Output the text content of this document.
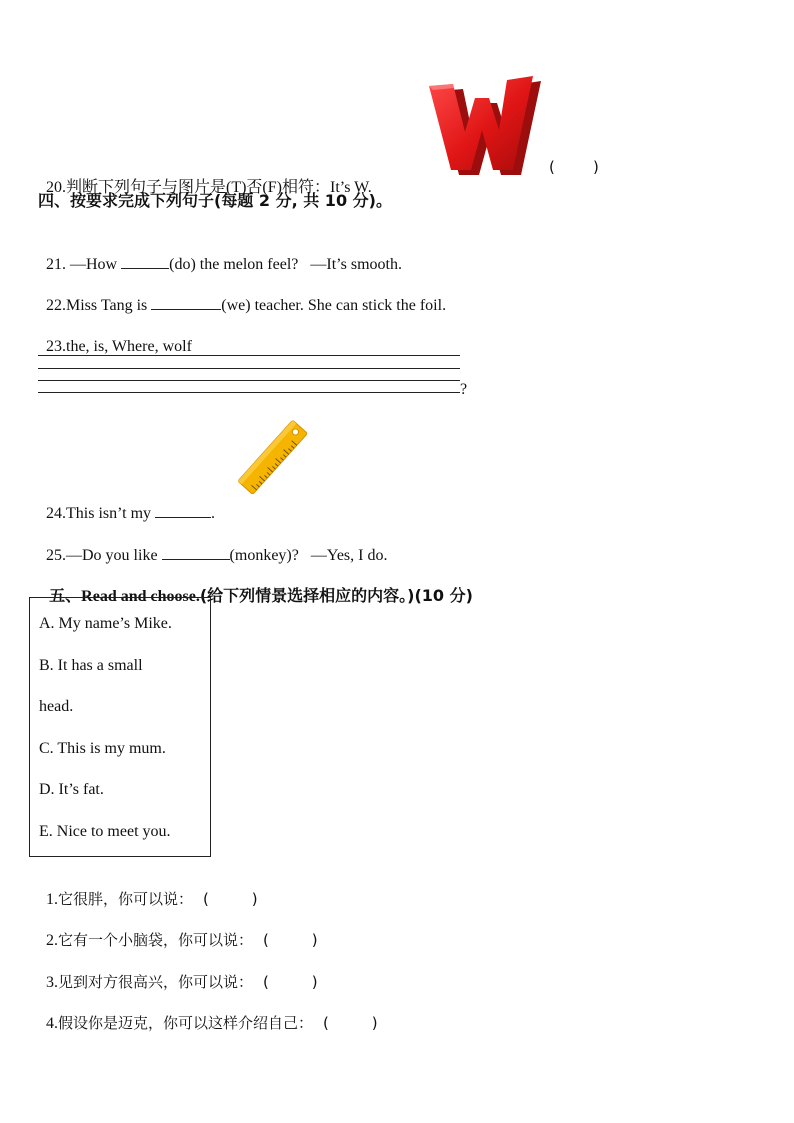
20.判断下列句子与图片是(T)否(F)相符：It’s W.

(        )
四、按要求完成下列句子(每题 2 分, 共 10 分)。

21. —How	(do) the melon feel?   —It’s smooth.

22.Miss Tang is	(we) teacher. She can stick the foil.

23.the, is, Where, wolf

?

24.This isn’t my	.

25.—Do you like	(monkey)?   —Yes, I do.

五、Read and choose.(给下列情景选择相应的内容。)(10 分)

A. My name’s Mike.
B. It has a small
head.
C. This is my mum.
D. It’s fat.
E. Nice to meet you.

1.它很胖，你可以说： (         )

2.它有一个小脑袋，你可以说： (         )

3.见到对方很高兴，你可以说： (         )

4.假设你是迈克，你可以这样介绍自己： (         )
